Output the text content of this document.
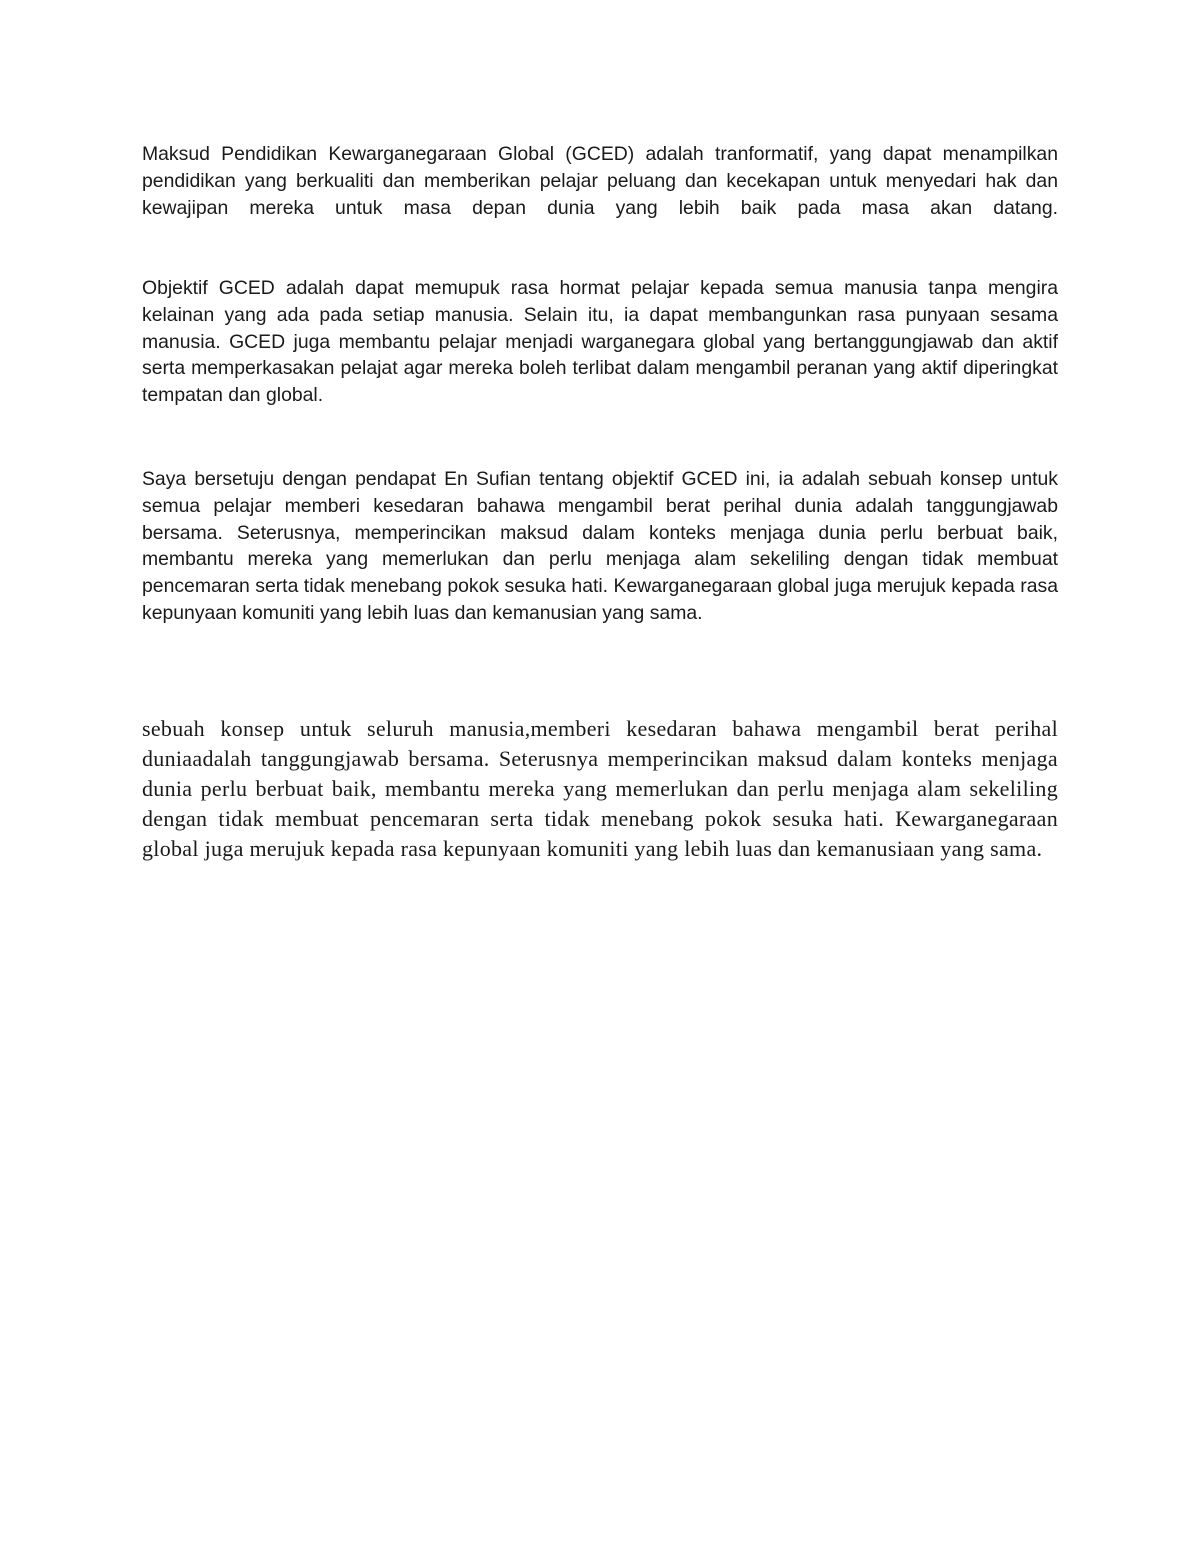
Maksud Pendidikan Kewarganegaraan Global (GCED) adalah tranformatif, yang dapat menampilkan pendidikan yang berkualiti dan memberikan pelajar peluang dan kecekapan untuk menyedari hak dan kewajipan mereka untuk masa depan dunia yang lebih baik pada masa akan datang.

Objektif GCED adalah dapat memupuk rasa hormat pelajar kepada semua manusia tanpa mengira kelainan yang ada pada setiap manusia. Selain itu, ia dapat membangunkan rasa punyaan sesama manusia. GCED juga membantu pelajar menjadi warganegara global yang bertanggungjawab dan aktif serta memperkasakan pelajat agar mereka boleh terlibat dalam mengambil peranan yang aktif diperingkat tempatan dan global.

Saya bersetuju dengan pendapat En Sufian tentang objektif GCED ini, ia adalah sebuah konsep untuk semua pelajar memberi kesedaran bahawa mengambil berat perihal dunia adalah tanggungjawab bersama. Seterusnya, memperincikan maksud dalam konteks menjaga dunia perlu berbuat baik, membantu mereka yang memerlukan dan perlu menjaga alam sekeliling dengan tidak membuat pencemaran serta tidak menebang pokok sesuka hati. Kewarganegaraan global juga merujuk kepada rasa kepunyaan komuniti yang lebih luas dan kemanusian yang sama.

sebuah konsep untuk seluruh manusia,memberi kesedaran bahawa mengambil berat perihal duniaadalah tanggungjawab bersama. Seterusnya memperincikan maksud dalam konteks menjaga dunia perlu berbuat baik, membantu mereka yang memerlukan dan perlu menjaga alam sekeliling dengan tidak membuat pencemaran serta tidak menebang pokok sesuka hati. Kewarganegaraan global juga merujuk kepada rasa kepunyaan komuniti yang lebih luas dan kemanusiaan yang sama.
